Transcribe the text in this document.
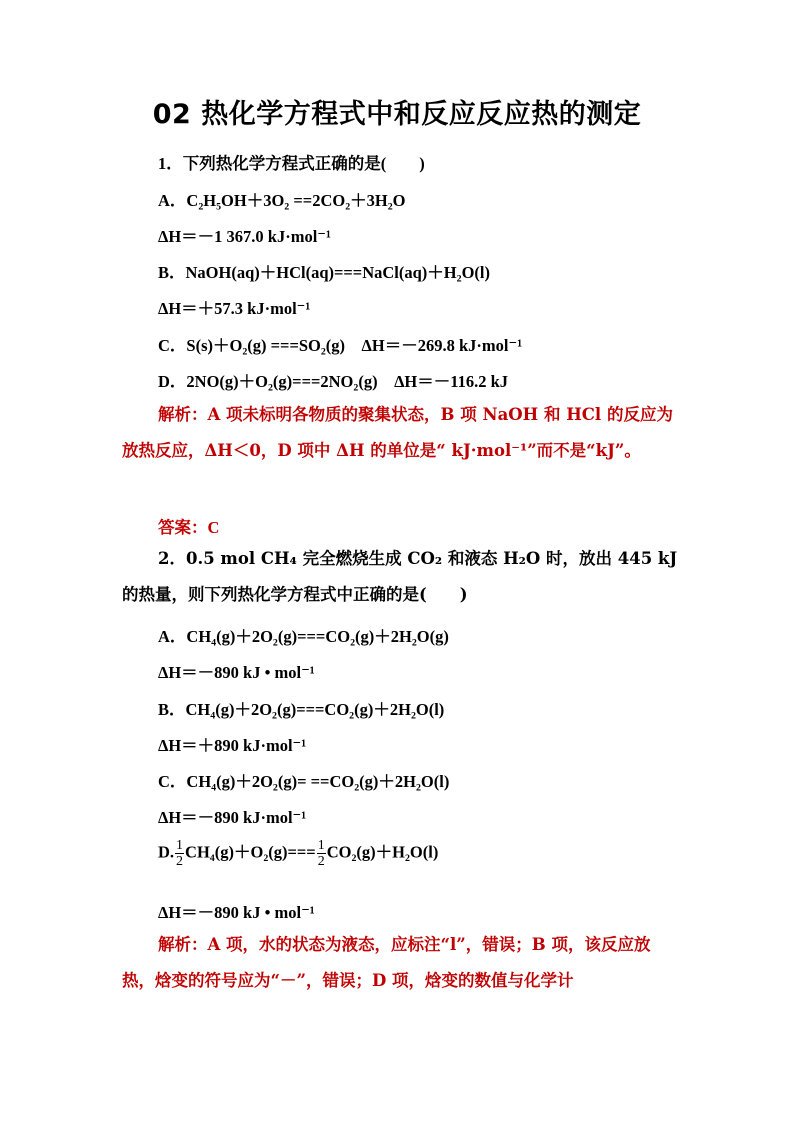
02 热化学方程式中和反应反应热的测定
1．下列热化学方程式正确的是(　　)
A．C₂H₅OH＋3O₂ ==2CO₂＋3H₂O
ΔH＝－1 367.0 kJ·mol⁻¹
B．NaOH(aq)＋HCl(aq)===NaCl(aq)＋H₂O(l)
ΔH＝＋57.3 kJ·mol⁻¹
C．S(s)＋O₂(g) ===SO₂(g)　ΔH＝－269.8 kJ·mol⁻¹
D．2NO(g)＋O₂(g)===2NO₂(g)　ΔH＝－116.2 kJ
解析：A 项未标明各物质的聚集状态，B 项 NaOH 和 HCl 的反应为放热反应，ΔH＜0，D 项中 ΔH 的单位是“ kJ·mol⁻¹”而不是“kJ”。
答案：C
2．0.5 mol CH₄ 完全燃烧生成 CO₂ 和液态 H₂O 时，放出 445 kJ 的热量，则下列热化学方程式中正确的是(　　)
A．CH₄(g)＋2O₂(g)===CO₂(g)＋2H₂O(g)
ΔH＝－890 kJ • mol⁻¹
B．CH₄(g)＋2O₂(g)===CO₂(g)＋2H₂O(l)
ΔH＝＋890 kJ·mol⁻¹
C．CH₄(g)＋2O₂(g)= ==CO₂(g)＋2H₂O(l)
ΔH＝－890 kJ·mol⁻¹
D. $\frac{1}{2} CH_4(g)+O_2(g)=== \frac{1}{2} CO_2(g)+H_2O(l)$
ΔH＝－890 kJ • mol⁻¹
解析：A 项，水的状态为液态，应标注“l”，错误；B 项，该反应放热，焓变的符号应为“－”，错误；D 项，焓变的数值与化学计
